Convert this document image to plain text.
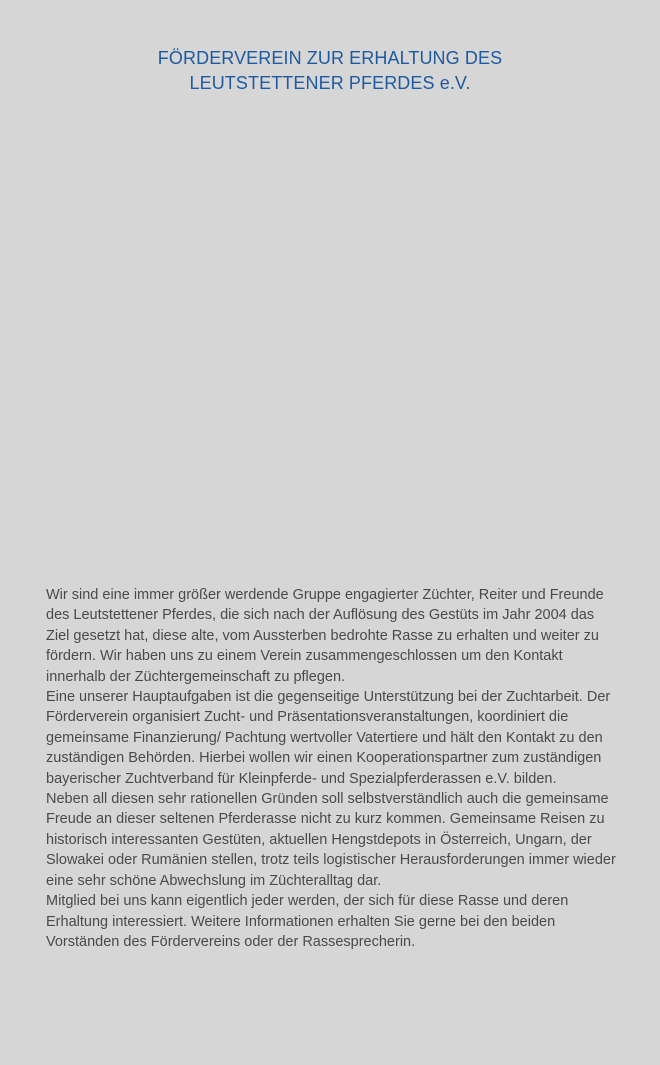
FÖRDERVEREIN ZUR ERHALTUNG DES
LEUTSTETTENER PFERDES e.V.

Wir sind eine immer größer werdende Gruppe engagierter Züchter, Reiter und Freunde des Leutstettener Pferdes, die sich nach der Auflösung des Gestüts im Jahr 2004 das Ziel gesetzt hat, diese alte, vom Aussterben bedrohte Rasse zu erhalten und weiter zu fördern. Wir haben uns zu einem Verein zusammengeschlossen um den Kontakt innerhalb der Züchtergemeinschaft zu pflegen.

Eine unserer Hauptaufgaben ist die gegenseitige Unterstützung bei der Zuchtarbeit. Der Förderverein organisiert Zucht- und Präsentationsveranstaltungen, koordiniert die gemeinsame Finanzierung/ Pachtung wertvoller Vatertiere und hält den Kontakt zu den zuständigen Behörden. Hierbei wollen wir einen Kooperationspartner zum zuständigen bayerischer Zuchtverband für Kleinpferde- und Spezialpferderassen e.V. bilden.

Neben all diesen sehr rationellen Gründen soll selbstverständlich auch die gemeinsame Freude an dieser seltenen Pferderasse nicht zu kurz kommen. Gemeinsame Reisen zu historisch interessanten Gestüten, aktuellen Hengstdepots in Österreich, Ungarn, der Slowakei oder Rumänien stellen, trotz teils logistischer Herausforderungen immer wieder eine sehr schöne Abwechslung im Züchteralltag dar.

Mitglied bei uns kann eigentlich jeder werden, der sich für diese Rasse und deren Erhaltung interessiert. Weitere Informationen erhalten Sie gerne bei den beiden Vorständen des Fördervereins oder der Rassesprecherin.
